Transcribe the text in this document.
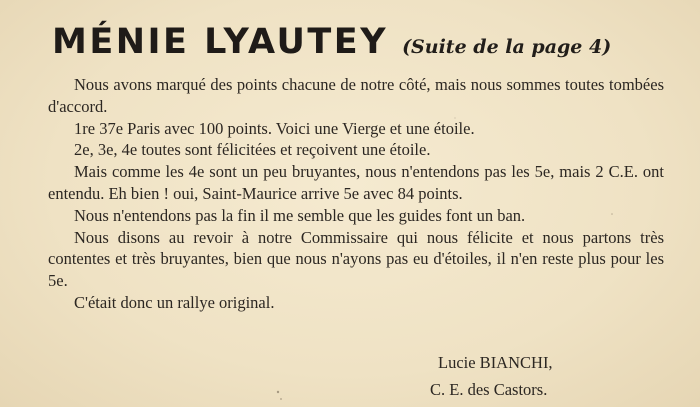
MÉNIE LYAUTEY (Suite de la page 4)

Nous avons marqué des points chacune de notre côté, mais nous sommes toutes tombées d'accord.

1re 37e Paris avec 100 points. Voici une Vierge et une étoile.

2e, 3e, 4e toutes sont félicitées et reçoivent une étoile.

Mais comme les 4e sont un peu bruyantes, nous n'entendons pas les 5e, mais 2 C.E. ont entendu. Eh bien ! oui, Saint-Maurice arrive 5e avec 84 points.

Nous n'entendons pas la fin il me semble que les guides font un ban.

Nous disons au revoir à notre Commissaire qui nous félicite et nous partons très contentes et très bruyantes, bien que nous n'ayons pas eu d'étoiles, il n'en reste plus pour les 5e.

C'était donc un rallye original.

Lucie BIANCHI,
C. E. des Castors.
